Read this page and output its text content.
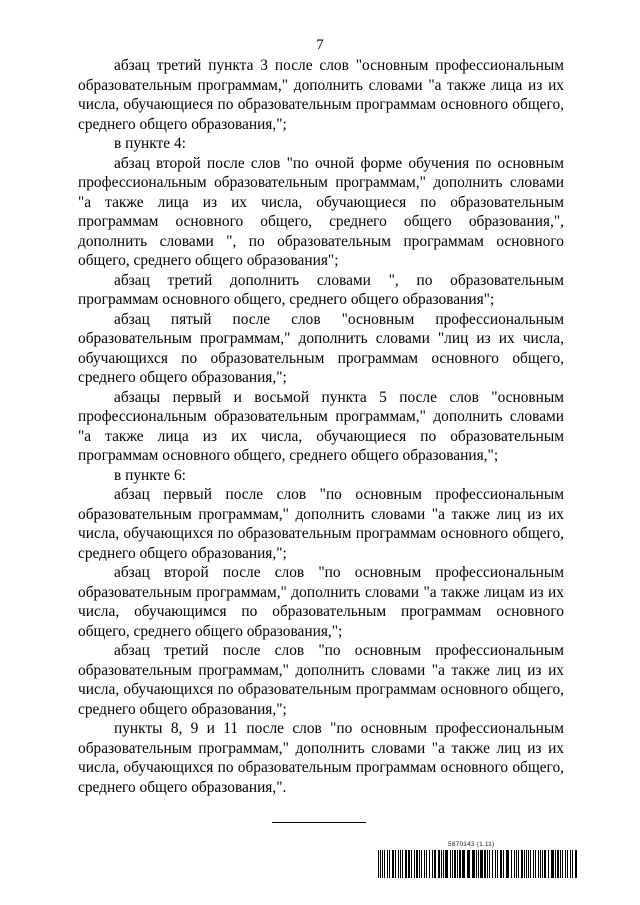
7

абзац третий пункта 3 после слов "основным профессиональным образовательным программам," дополнить словами "а также лица из их числа, обучающиеся по образовательным программам основного общего, среднего общего образования,";

в пункте 4:

абзац второй после слов "по очной форме обучения по основным профессиональным образовательным программам," дополнить словами "а также лица из их числа, обучающиеся по образовательным программам основного общего, среднего общего образования,", дополнить словами ", по образовательным программам основного общего, среднего общего образования";

абзац третий дополнить словами ", по образовательным программам основного общего, среднего общего образования";

абзац пятый после слов "основным профессиональным образовательным программам," дополнить словами "лиц из их числа, обучающихся по образовательным программам основного общего, среднего общего образования,";

абзацы первый и восьмой пункта 5 после слов "основным профессиональным образовательным программам," дополнить словами "а также лица из их числа, обучающиеся по образовательным программам основного общего, среднего общего образования,";

в пункте 6:

абзац первый после слов "по основным профессиональным образовательным программам," дополнить словами "а также лиц из их числа, обучающихся по образовательным программам основного общего, среднего общего образования,";

абзац второй после слов "по основным профессиональным образовательным программам," дополнить словами "а также лицам из их числа, обучающимся по образовательным программам основного общего, среднего общего образования,";

абзац третий после слов "по основным профессиональным образовательным программам," дополнить словами "а также лиц из их числа, обучающихся по образовательным программам основного общего, среднего общего образования,";

пункты 8, 9 и 11 после слов "по основным профессиональным образовательным программам," дополнить словами "а также лиц из их числа, обучающихся по образовательным программам основного общего, среднего общего образования,".

5870143 (1.11)
